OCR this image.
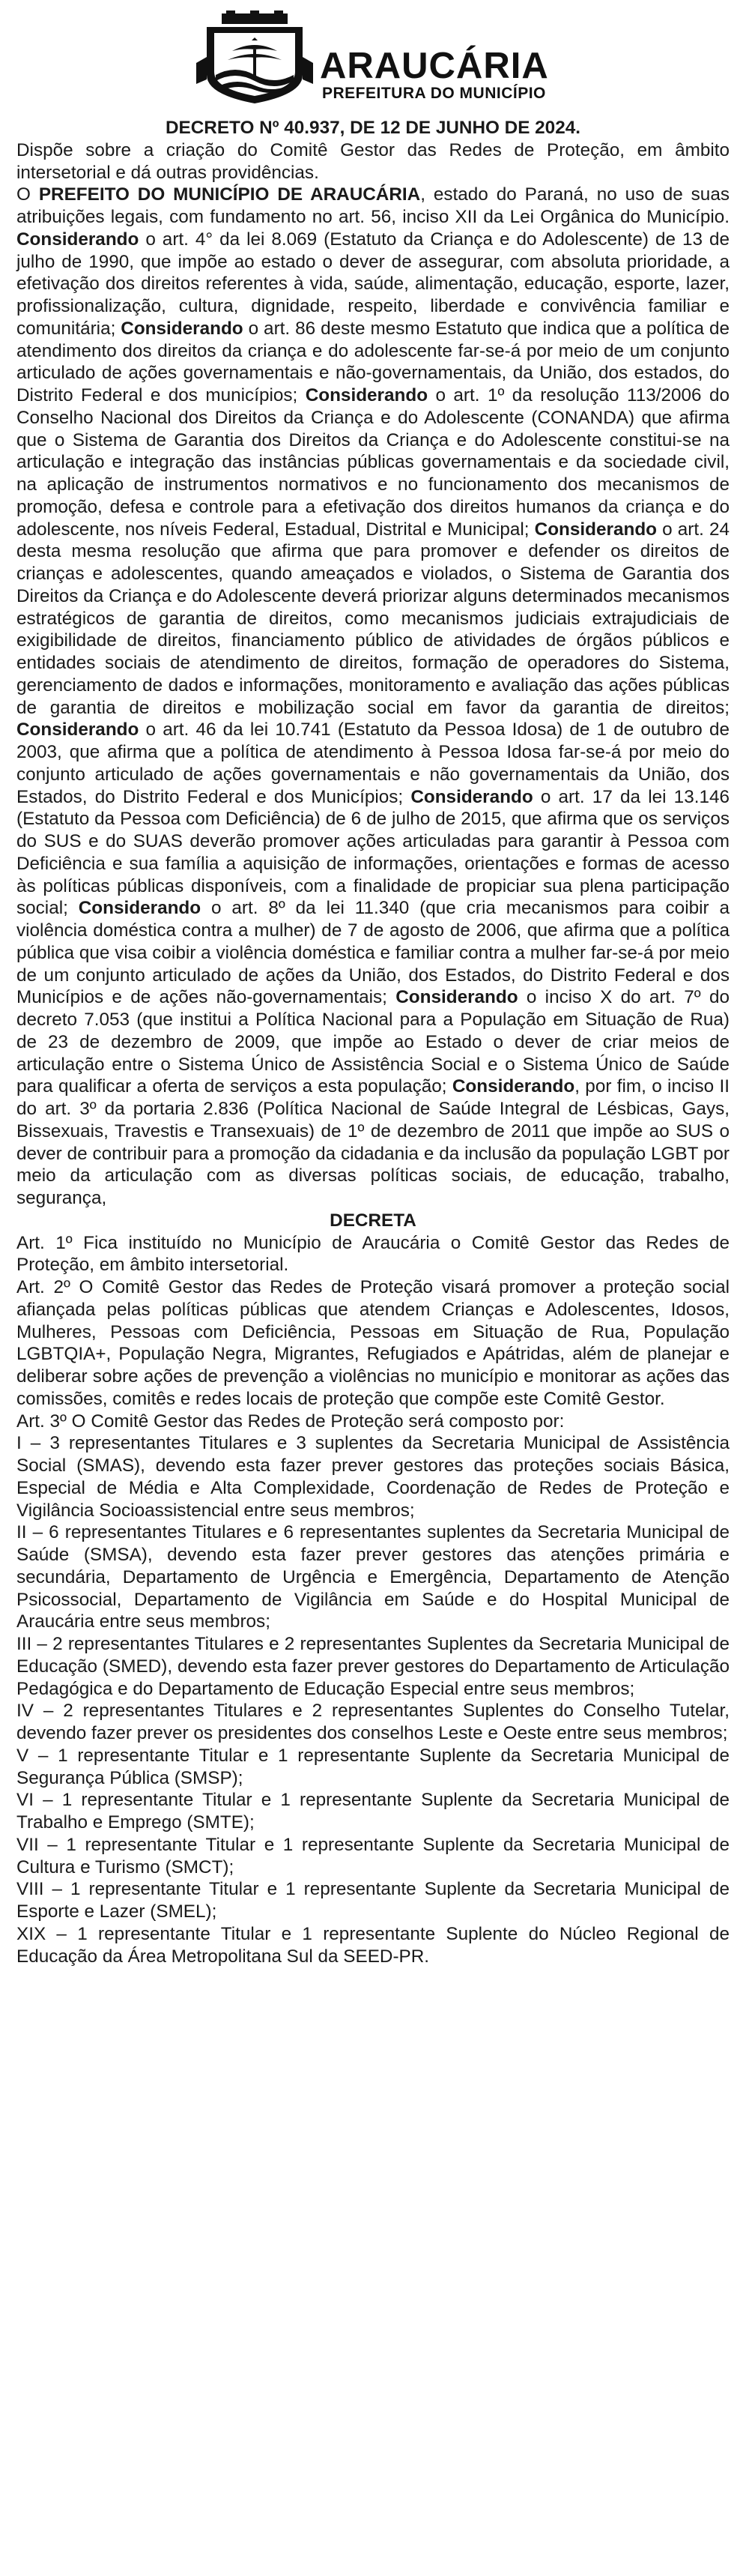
ARAUCÁRIA
PREFEITURA DO MUNICÍPIO

DECRETO Nº 40.937, DE 12 DE JUNHO DE 2024.

Dispõe sobre a criação do Comitê Gestor das Redes de Proteção, em âmbito intersetorial e dá outras providências.

O PREFEITO DO MUNICÍPIO DE ARAUCÁRIA, estado do Paraná, no uso de suas atribuições legais, com fundamento no art. 56, inciso XII da Lei Orgânica do Município. Considerando o art. 4° da lei 8.069 (Estatuto da Criança e do Adolescente) de 13 de julho de 1990, que impõe ao estado o dever de assegurar, com absoluta prioridade, a efetivação dos direitos referentes à vida, saúde, alimentação, educação, esporte, lazer, profissionalização, cultura, dignidade, respeito, liberdade e convivência familiar e comunitária; Considerando o art. 86 deste mesmo Estatuto que indica que a política de atendimento dos direitos da criança e do adolescente far-se-á por meio de um conjunto articulado de ações governamentais e não-governamentais, da União, dos estados, do Distrito Federal e dos municípios; Considerando o art. 1º da resolução 113/2006 do Conselho Nacional dos Direitos da Criança e do Adolescente (CONANDA) que afirma que o Sistema de Garantia dos Direitos da Criança e do Adolescente constitui-se na articulação e integração das instâncias públicas governamentais e da sociedade civil, na aplicação de instrumentos normativos e no funcionamento dos mecanismos de promoção, defesa e controle para a efetivação dos direitos humanos da criança e do adolescente, nos níveis Federal, Estadual, Distrital e Municipal; Considerando o art. 24 desta mesma resolução que afirma que para promover e defender os direitos de crianças e adolescentes, quando ameaçados e violados, o Sistema de Garantia dos Direitos da Criança e do Adolescente deverá priorizar alguns determinados mecanismos estratégicos de garantia de direitos, como mecanismos judiciais extrajudiciais de exigibilidade de direitos, financiamento público de atividades de órgãos públicos e entidades sociais de atendimento de direitos, formação de operadores do Sistema, gerenciamento de dados e informações, monitoramento e avaliação das ações públicas de garantia de direitos e mobilização social em favor da garantia de direitos; Considerando o art. 46 da lei 10.741 (Estatuto da Pessoa Idosa) de 1 de outubro de 2003, que afirma que a política de atendimento à Pessoa Idosa far-se-á por meio do conjunto articulado de ações governamentais e não governamentais da União, dos Estados, do Distrito Federal e dos Municípios; Considerando o art. 17 da lei 13.146 (Estatuto da Pessoa com Deficiência) de 6 de julho de 2015, que afirma que os serviços do SUS e do SUAS deverão promover ações articuladas para garantir à Pessoa com Deficiência e sua família a aquisição de informações, orientações e formas de acesso às políticas públicas disponíveis, com a finalidade de propiciar sua plena participação social; Considerando o art. 8º da lei 11.340 (que cria mecanismos para coibir a violência doméstica contra a mulher) de 7 de agosto de 2006, que afirma que a política pública que visa coibir a violência doméstica e familiar contra a mulher far-se-á por meio de um conjunto articulado de ações da União, dos Estados, do Distrito Federal e dos Municípios e de ações não-governamentais; Considerando o inciso X do art. 7º do decreto 7.053 (que institui a Política Nacional para a População em Situação de Rua) de 23 de dezembro de 2009, que impõe ao Estado o dever de criar meios de articulação entre o Sistema Único de Assistência Social e o Sistema Único de Saúde para qualificar a oferta de serviços a esta população; Considerando, por fim, o inciso II do art. 3º da portaria 2.836 (Política Nacional de Saúde Integral de Lésbicas, Gays, Bissexuais, Travestis e Transexuais) de 1º de dezembro de 2011 que impõe ao SUS o dever de contribuir para a promoção da cidadania e da inclusão da população LGBT por meio da articulação com as diversas políticas sociais, de educação, trabalho, segurança,

DECRETA

Art. 1º Fica instituído no Município de Araucária o Comitê Gestor das Redes de Proteção, em âmbito intersetorial.

Art. 2º O Comitê Gestor das Redes de Proteção visará promover a proteção social afiançada pelas políticas públicas que atendem Crianças e Adolescentes, Idosos, Mulheres, Pessoas com Deficiência, Pessoas em Situação de Rua, População LGBTQIA+, População Negra, Migrantes, Refugiados e Apátridas, além de planejar e deliberar sobre ações de prevenção a violências no município e monitorar as ações das comissões, comitês e redes locais de proteção que compõe este Comitê Gestor.

Art. 3º O Comitê Gestor das Redes de Proteção será composto por:

I – 3 representantes Titulares e 3 suplentes da Secretaria Municipal de Assistência Social (SMAS), devendo esta fazer prever gestores das proteções sociais Básica, Especial de Média e Alta Complexidade, Coordenação de Redes de Proteção e Vigilância Socioassistencial entre seus membros;

II – 6 representantes Titulares e 6 representantes suplentes da Secretaria Municipal de Saúde (SMSA), devendo esta fazer prever gestores das atenções primária e secundária, Departamento de Urgência e Emergência, Departamento de Atenção Psicossocial, Departamento de Vigilância em Saúde e do Hospital Municipal de Araucária entre seus membros;

III – 2 representantes Titulares e 2 representantes Suplentes da Secretaria Municipal de Educação (SMED), devendo esta fazer prever gestores do Departamento de Articulação Pedagógica e do Departamento de Educação Especial entre seus membros;

IV – 2 representantes Titulares e 2 representantes Suplentes do Conselho Tutelar, devendo fazer prever os presidentes dos conselhos Leste e Oeste entre seus membros;

V – 1 representante Titular e 1 representante Suplente da Secretaria Municipal de Segurança Pública (SMSP);

VI – 1 representante Titular e 1 representante Suplente da Secretaria Municipal de Trabalho e Emprego (SMTE);

VII – 1 representante Titular e 1 representante Suplente da Secretaria Municipal de Cultura e Turismo (SMCT);

VIII – 1 representante Titular e 1 representante Suplente da Secretaria Municipal de Esporte e Lazer (SMEL);

XIX – 1 representante Titular e 1 representante Suplente do Núcleo Regional de Educação da Área Metropolitana Sul da SEED-PR.
